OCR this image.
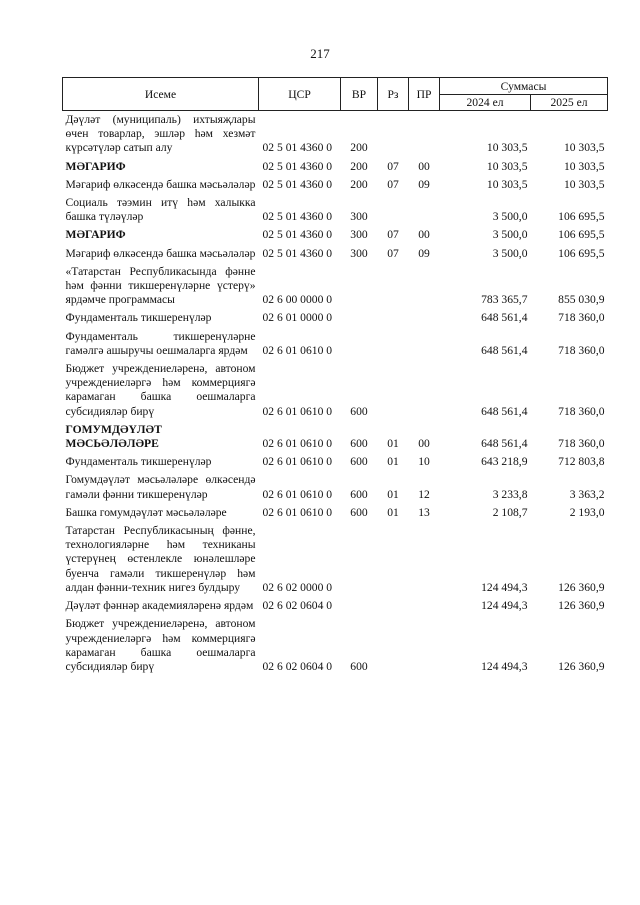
217
Исеме	ЦСР	ВР	Рз	ПР	Суммасы	
					2024 ел	2025 ел
Дәүләт (муниципаль) ихтыяҗлары өчен товарлар, эшләр һәм хезмәт күрсәтүләр сатып алу	02 5 01 4360 0	200			10 303,5	10 303,5
МӘГАРИФ	02 5 01 4360 0	200	07	00	10 303,5	10 303,5
Мәгариф өлкәсендә башка мәсьәләләр	02 5 01 4360 0	200	07	09	10 303,5	10 303,5
Социаль тәэмин итү һәм халыкка башка түләүләр	02 5 01 4360 0	300			3 500,0	106 695,5
МӘГАРИФ	02 5 01 4360 0	300	07	00	3 500,0	106 695,5
Мәгариф өлкәсендә башка мәсьәләләр	02 5 01 4360 0	300	07	09	3 500,0	106 695,5
«Татарстан Республикасында фәнне һәм фәнни тикшеренүләрне үстерү» ярдәмче программасы	02 6 00 0000 0				783 365,7	855 030,9
Фундаменталь тикшеренүләр	02 6 01 0000 0				648 561,4	718 360,0
Фундаменталь тикшеренүләрне гамәлгә ашыручы оешмаларга ярдәм	02 6 01 0610 0				648 561,4	718 360,0
Бюджет учреждениеләренә, автоном учреждениеләргә һәм коммерциягә карамаган башка оешмаларга субсидияләр бирү	02 6 01 0610 0	600			648 561,4	718 360,0
ГОМУМДӘҮЛӘТ МӘСЬӘЛӘЛӘРЕ	02 6 01 0610 0	600	01	00	648 561,4	718 360,0
Фундаменталь тикшеренүләр	02 6 01 0610 0	600	01	10	643 218,9	712 803,8
Гомумдәүләт мәсьәләләре өлкәсендә гамәли фәнни тикшеренүләр	02 6 01 0610 0	600	01	12	3 233,8	3 363,2
Башка гомумдәүләт мәсьәләләре	02 6 01 0610 0	600	01	13	2 108,7	2 193,0
Татарстан Республикасының фәнне, технологияләрне һәм техниканы үстерүнең өстенлекле юнәлешләре буенча гамәли тикшеренүләр һәм алдан фәнни-техник нигез булдыру	02 6 02 0000 0				124 494,3	126 360,9
Дәүләт фәннәр академияләренә ярдәм	02 6 02 0604 0				124 494,3	126 360,9
Бюджет учреждениеләренә, автоном учреждениеләргә һәм коммерциягә карамаган башка оешмаларга субсидияләр бирү	02 6 02 0604 0	600			124 494,3	126 360,9
